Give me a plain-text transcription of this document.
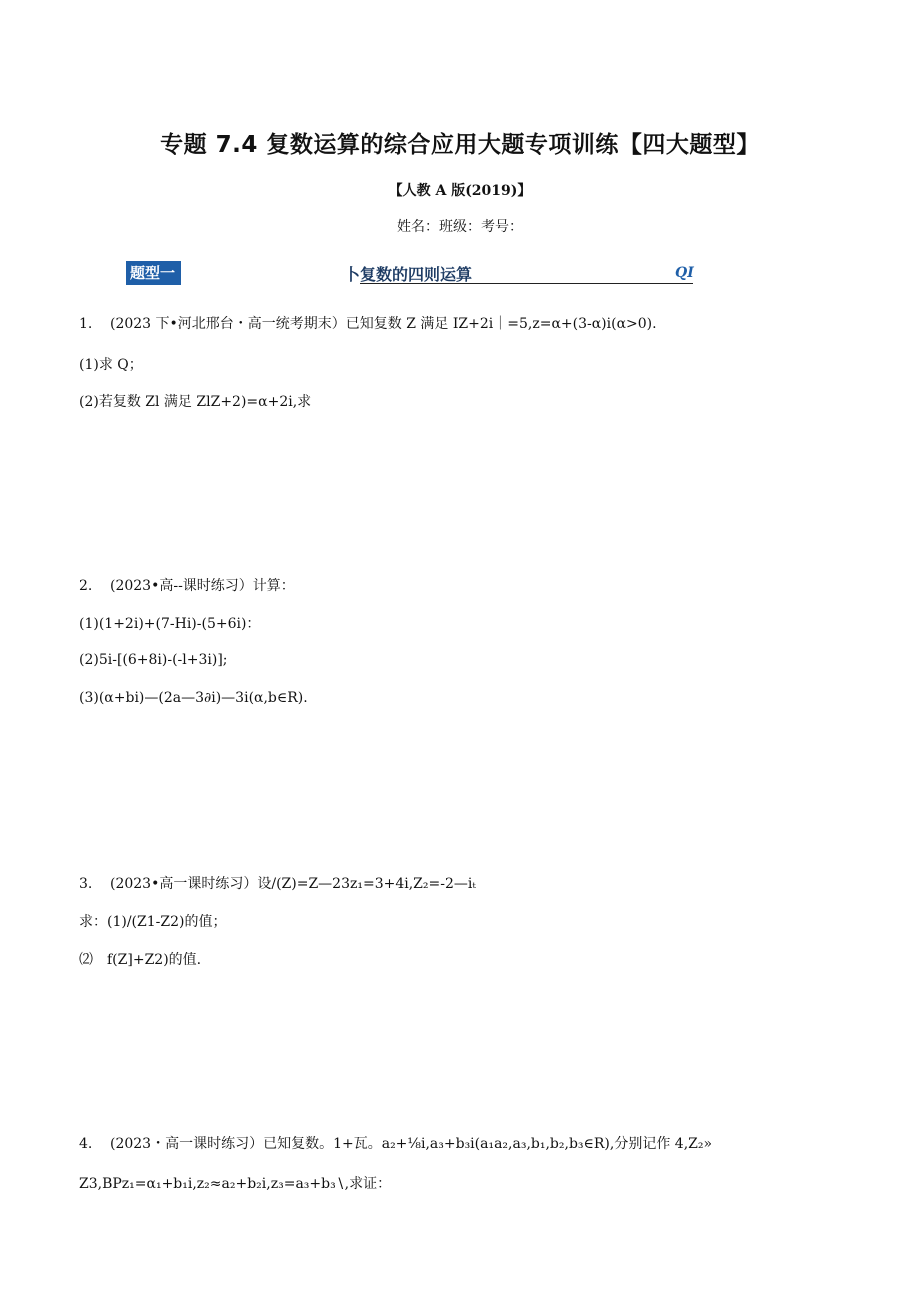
专题 7.4 复数运算的综合应用大题专项训练【四大题型】
【人教 A 版(2019)】
姓名：班级：考号：
题型一	卜复数的四则运算	QI
1. (2023 下•河北邢台・高一统考期末）已知复数 Z 满足 IZ+2i｜=5,z=α+(3-α)i(α>0).
(1)求 Q；
(2)若复数 Zl 满足 ZlZ+2)=α+2i,求
2. (2023•高--课时练习）计算：
(1)(1+2i)+(7-Hi)-(5+6i)：
(2)5i-[(6+8i)-(-l+3i)];
(3)(α+bi)—(2a—3∂i)—3i(α,b∈R).
3. (2023•高一课时练习）设/(Z)=Z—23z₁=3+4i,Z₂=-2—iₜ
求：(1)/(Z1-Z2)的值；
⑵　f(Z]+Z2)的值.
4. (2023・高一课时练习）已知复数。1+瓦。a₂+⅛i,a₃+b₃i(a₁a₂,a₃,b₁,b₂,b₃∈R),分别记作 4,Z₂»
Z3,BPz₁=α₁+b₁i,z₂≈a₂+b₂i,z₃=a₃+b₃∖,求证：
